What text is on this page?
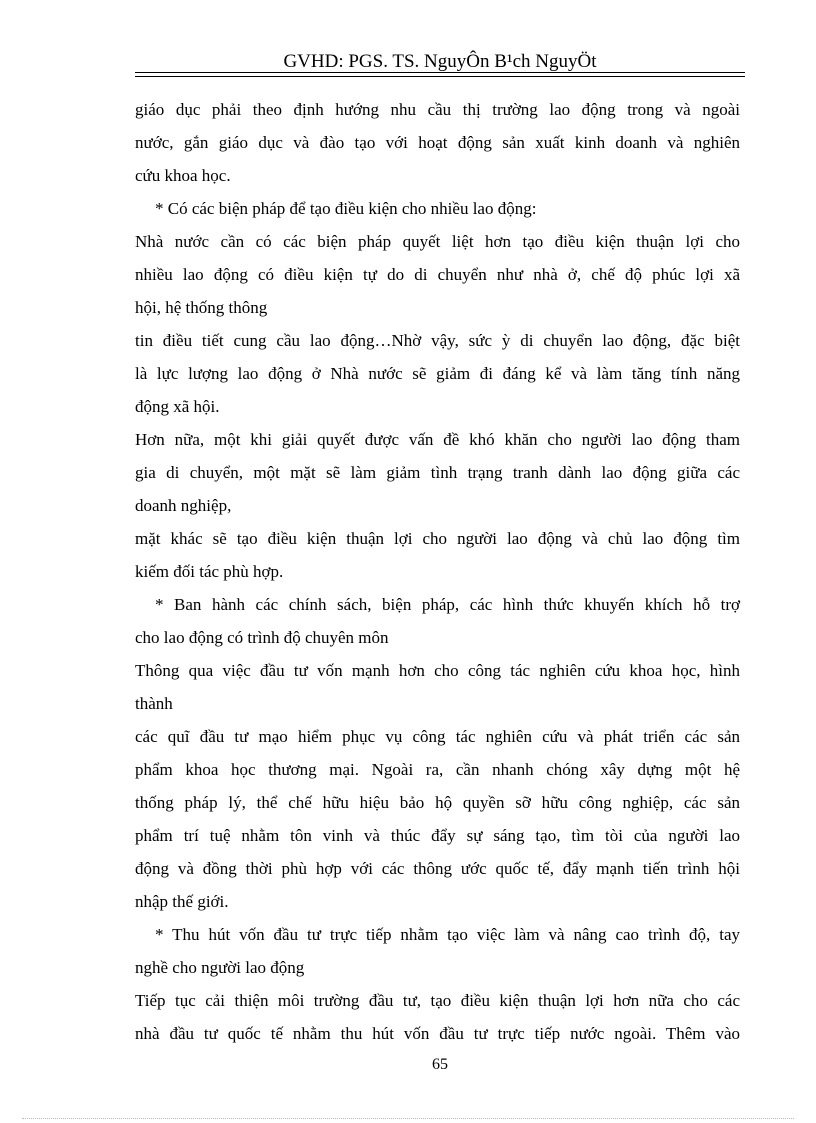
GVHD: PGS. TS. NguyÔn B¹ch NguyÖt
giáo dục phải theo định hướng nhu cầu thị trường lao động trong và ngoài
nước, gắn giáo dục và đào tạo với hoạt động sản xuất kinh doanh và nghiên
cứu khoa học.
* Có các biện pháp để tạo điều kiện cho nhiều lao động:
Nhà nước cần có các biện pháp quyết liệt hơn tạo điều kiện thuận lợi cho
nhiều lao động có điều kiện tự do di chuyển như nhà ở, chế độ phúc lợi xã
hội, hệ thống thông
tin điều tiết cung cầu lao động…Nhờ vậy, sức ỳ di chuyển lao động, đặc biệt
là lực lượng lao động ở Nhà nước sẽ giảm đi đáng kể và làm tăng tính năng
động xã hội.
Hơn nữa, một khi giải quyết được vấn đề khó khăn cho người lao động tham
gia di chuyển, một mặt sẽ làm giảm tình trạng tranh dành lao động giữa các
doanh nghiệp,
mặt khác sẽ tạo điều kiện thuận lợi cho người lao động và chủ lao động tìm
kiếm đối tác phù hợp.
* Ban hành các chính sách, biện pháp, các hình thức khuyến khích hỗ trợ
cho lao động có trình độ chuyên môn
Thông qua việc đầu tư vốn mạnh hơn cho công tác nghiên cứu khoa học, hình
thành
các quĩ đầu tư mạo hiểm phục vụ công tác nghiên cứu và phát triển các sản
phẩm khoa học thương mại. Ngoài ra, cần nhanh chóng xây dựng một hệ
thống pháp lý, thể chế hữu hiệu bảo hộ quyền sỡ hữu công nghiệp, các sản
phẩm trí tuệ nhằm tôn vinh và thúc đẩy sự sáng tạo, tìm tòi của người lao
động và đồng thời phù hợp với các thông ước quốc tế, đẩy mạnh tiến trình hội
nhập thế giới.
* Thu hút vốn đầu tư trực tiếp nhằm tạo việc làm và nâng cao trình độ, tay
nghề cho người lao động
Tiếp tục cải thiện môi trường đầu tư, tạo điều kiện thuận lợi hơn nữa cho các
nhà đầu tư quốc tế nhằm thu hút vốn đầu tư trực tiếp nước ngoài. Thêm vào
65
